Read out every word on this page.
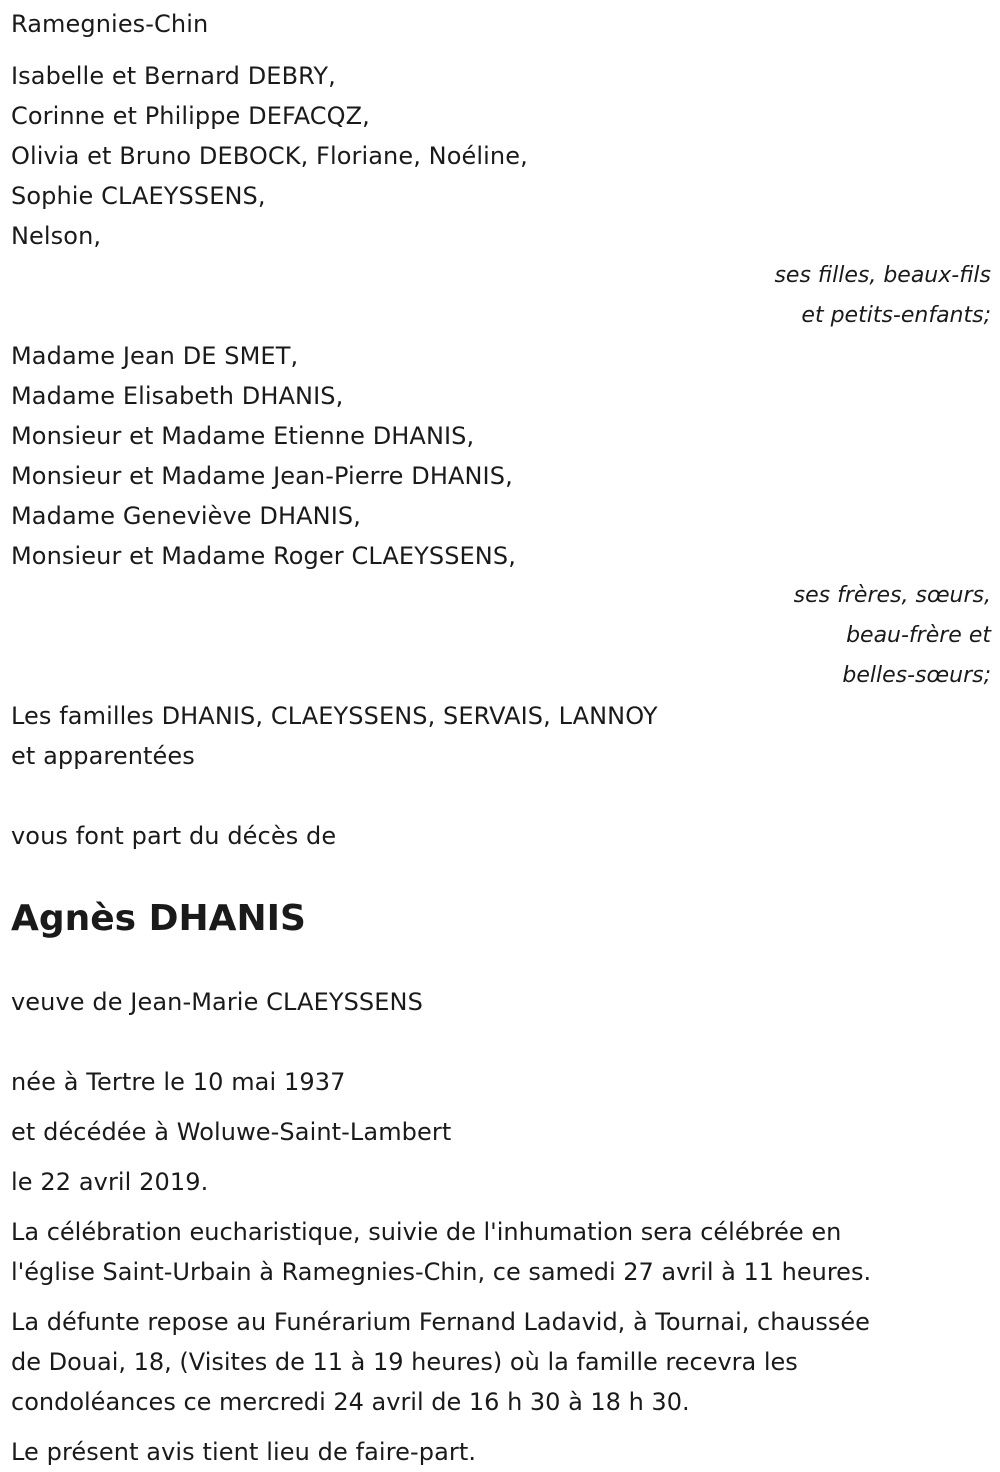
Ramegnies-Chin
Isabelle et Bernard DEBRY,
Corinne et Philippe DEFACQZ,
Olivia et Bruno DEBOCK, Floriane, Noéline,
Sophie CLAEYSSENS,
Nelson,
ses filles, beaux-fils
et petits-enfants;
Madame Jean DE SMET,
Madame Elisabeth DHANIS,
Monsieur et Madame Etienne DHANIS,
Monsieur et Madame Jean-Pierre DHANIS,
Madame Geneviève DHANIS,
Monsieur et Madame Roger CLAEYSSENS,
ses frères, sœurs,
beau-frère et
belles-sœurs;
Les familles DHANIS, CLAEYSSENS, SERVAIS, LANNOY
et apparentées
vous font part du décès de
Agnès DHANIS
veuve de Jean-Marie CLAEYSSENS
née à Tertre le 10 mai 1937
et décédée à Woluwe-Saint-Lambert
le 22 avril 2019.
La célébration eucharistique, suivie de l'inhumation sera célébrée en
l'église Saint-Urbain à Ramegnies-Chin, ce samedi 27 avril à 11 heures.
La défunte repose au Funérarium Fernand Ladavid, à Tournai, chaussée
de Douai, 18, (Visites de 11 à 19 heures) où la famille recevra les
condoléances ce mercredi 24 avril de 16 h 30 à 18 h 30.
Le présent avis tient lieu de faire-part.
